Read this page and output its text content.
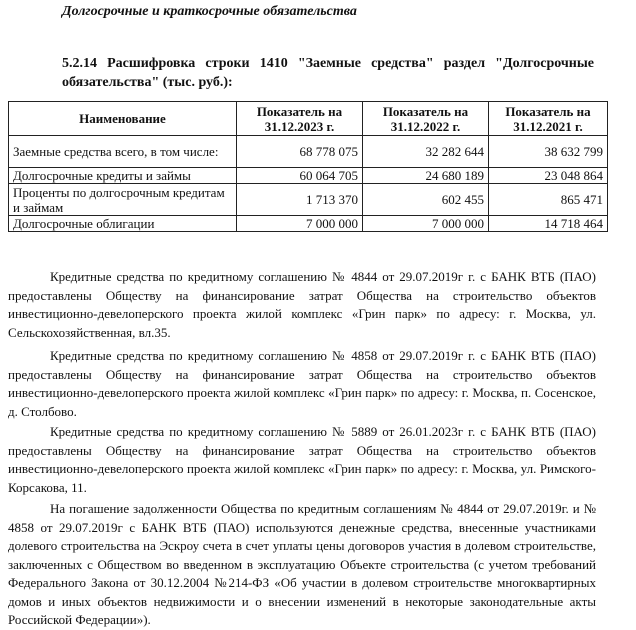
Долгосрочные и краткосрочные обязательства
5.2.14 Расшифровка строки 1410 "Заемные средства" раздел "Долгосрочные
обязательства" (тыс. руб.):
Наименование	Показатель на 31.12.2023 г.	Показатель на 31.12.2022 г.	Показатель на 31.12.2021 г.
Заемные средства всего, в том числе:	68 778 075	32 282 644	38 632 799
Долгосрочные кредиты и займы	60 064 705	24 680 189	23 048 864
Проценты по долгосрочным кредитам и займам	1 713 370	602 455	865 471
Долгосрочные облигации	7 000 000	7 000 000	14 718 464

Кредитные средства по кредитному соглашению № 4844 от 29.07.2019г г. с БАНК ВТБ (ПАО) предоставлены Обществу на финансирование затрат Общества на строительство объектов инвестиционно-девелоперского проекта жилой комплекс «Грин парк» по адресу: г. Москва, ул. Сельскохозяйственная, вл.35.

Кредитные средства по кредитному соглашению № 4858 от 29.07.2019г г. с БАНК ВТБ (ПАО) предоставлены Обществу на финансирование затрат Общества на строительство объектов инвестиционно-девелоперского проекта жилой комплекс «Грин парк» по адресу: г. Москва, п. Сосенское, д. Столбово.

Кредитные средства по кредитному соглашению № 5889 от 26.01.2023г г. с БАНК ВТБ (ПАО) предоставлены Обществу на финансирование затрат Общества на строительство объектов инвестиционно-девелоперского проекта жилой комплекс «Грин парк» по адресу: г. Москва, ул. Римского-Корсакова, 11.

На погашение задолженности Общества по кредитным соглашениям № 4844 от 29.07.2019г. и № 4858 от 29.07.2019г с БАНК ВТБ (ПАО) используются денежные средства, внесенные участниками долевого строительства на Эскроу счета в счет уплаты цены договоров участия в долевом строительстве, заключенных с Обществом во введенном в эксплуатацию Объекте строительства (с учетом требований Федерального Закона от 30.12.2004 №214-ФЗ «Об участии в долевом строительстве многоквартирных домов и иных объектов недвижимости и о внесении изменений в некоторые законодательные акты Российской Федерации»).
